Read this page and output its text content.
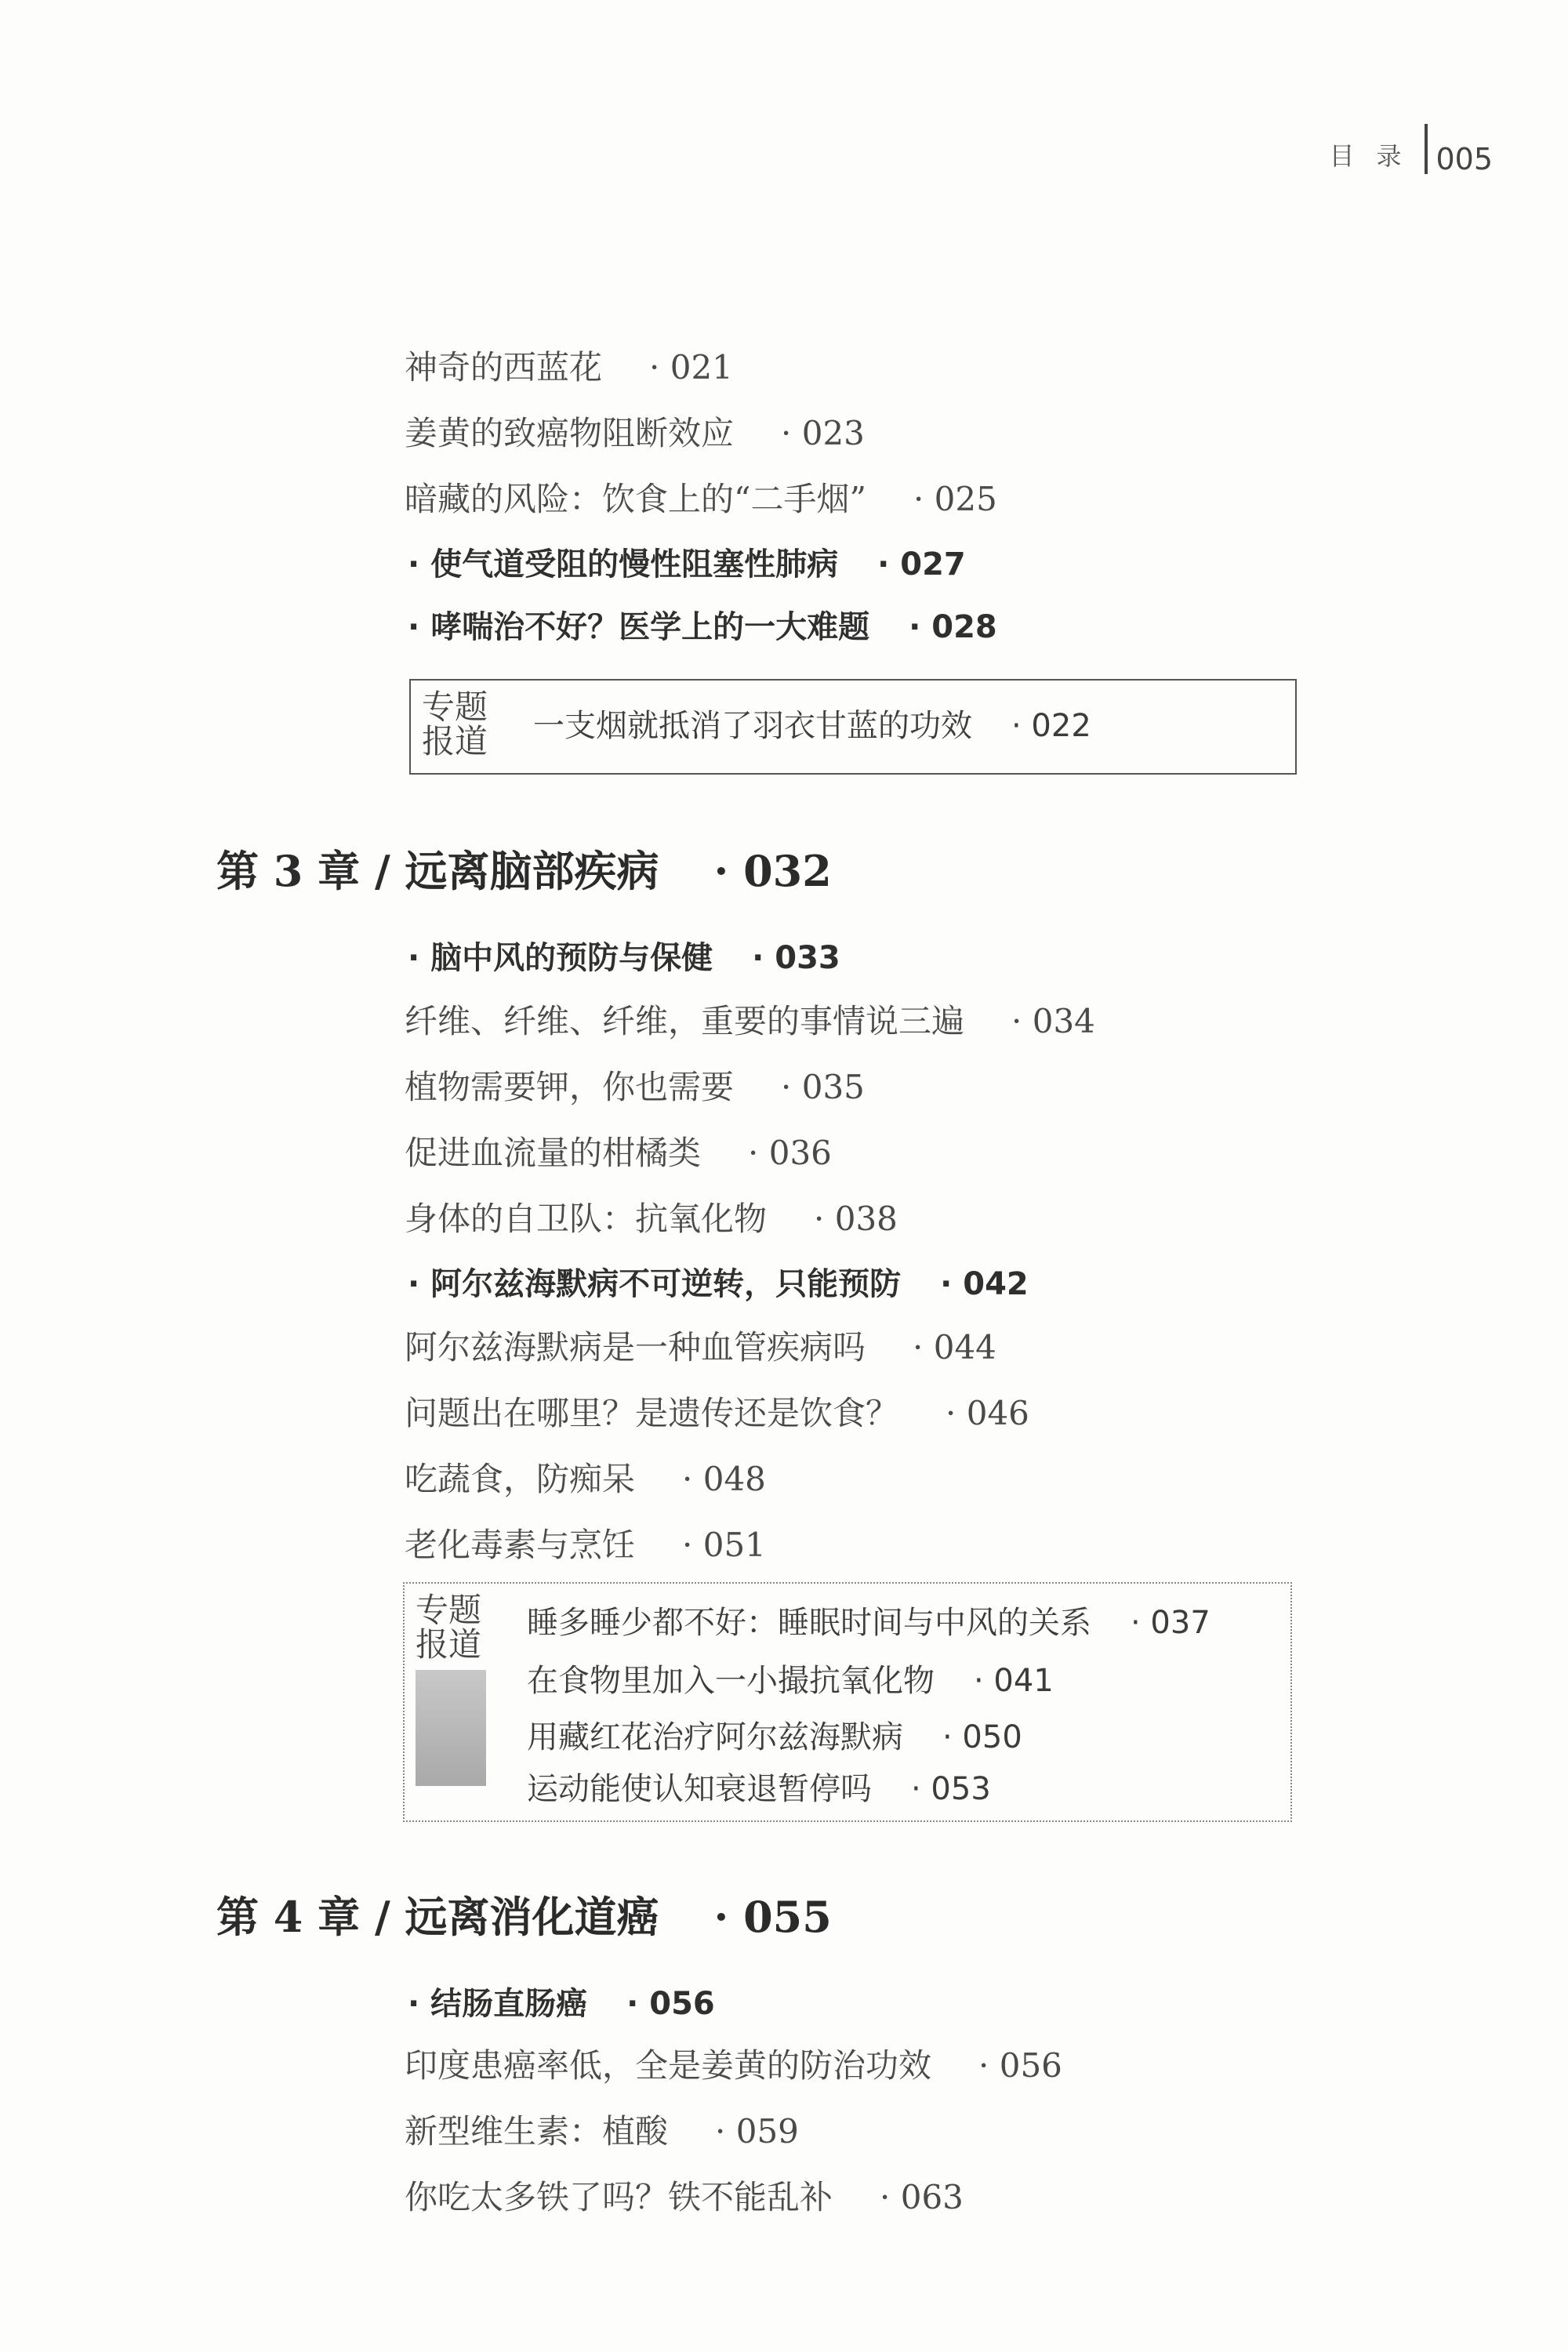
目录 005
神奇的西蓝花 · 021
姜黄的致癌物阻断效应 · 023
暗藏的风险：饮食上的“二手烟” · 025
· 使气道受阻的慢性阻塞性肺病 · 027
· 哮喘治不好？医学上的一大难题 · 028
专题报道 一支烟就抵消了羽衣甘蓝的功效 · 022
第 3 章 / 远离脑部疾病 · 032
· 脑中风的预防与保健 · 033
纤维、纤维、纤维，重要的事情说三遍 · 034
植物需要钾，你也需要 · 035
促进血流量的柑橘类 · 036
身体的自卫队：抗氧化物 · 038
· 阿尔兹海默病不可逆转，只能预防 · 042
阿尔兹海默病是一种血管疾病吗 · 044
问题出在哪里？是遗传还是饮食？ · 046
吃蔬食，防痴呆 · 048
老化毒素与烹饪 · 051
专题报道
睡多睡少都不好：睡眠时间与中风的关系 · 037
在食物里加入一小撮抗氧化物 · 041
用藏红花治疗阿尔兹海默病 · 050
运动能使认知衰退暂停吗 · 053
第 4 章 / 远离消化道癌 · 055
· 结肠直肠癌 · 056
印度患癌率低，全是姜黄的防治功效 · 056
新型维生素：植酸 · 059
你吃太多铁了吗？铁不能乱补 · 063
